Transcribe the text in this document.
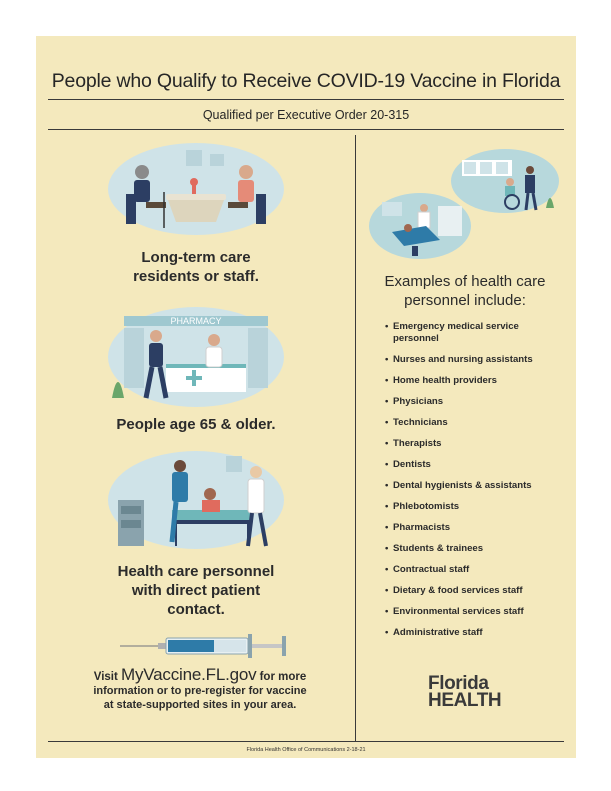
People who Qualify to Receive COVID-19 Vaccine in Florida
Qualified per Executive Order 20-315
Long-term care
residents or staff.
PHARMACY
People age 65 & older.
Health care personnel
with direct patient
contact.
Visit MyVaccine.FL.gov for more
information or to pre-register for vaccine
at state-supported sites in your area.
Examples of health care
personnel include:
• Emergency medical service personnel
• Nurses and nursing assistants
• Home health providers
• Physicians
• Technicians
• Therapists
• Dentists
• Dental hygienists & assistants
• Phlebotomists
• Pharmacists
• Students & trainees
• Contractual staff
• Dietary & food services staff
• Environmental services staff
• Administrative staff
Florida
HEALTH
Florida Health Office of Communications 2-18-21
